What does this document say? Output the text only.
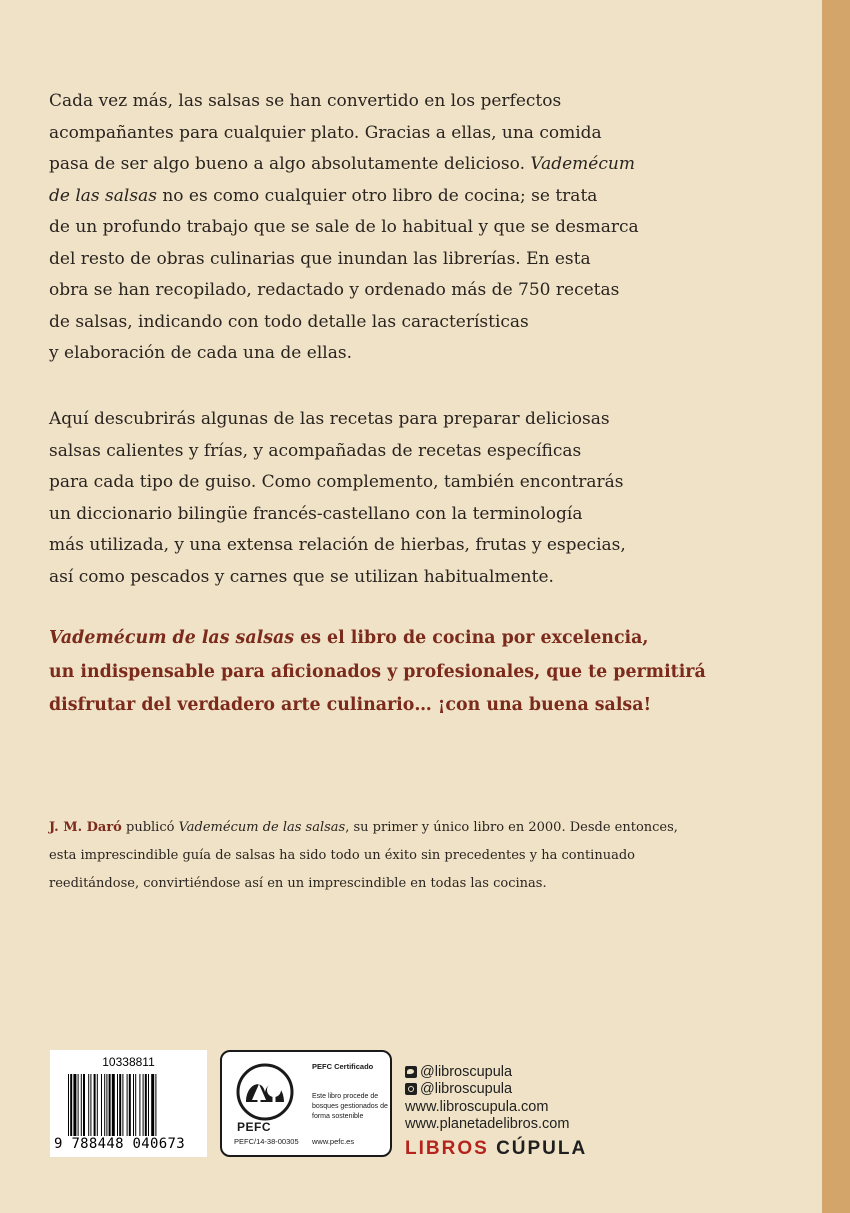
Cada vez más, las salsas se han convertido en los perfectos
acompañantes para cualquier plato. Gracias a ellas, una comida
pasa de ser algo bueno a algo absolutamente delicioso. Vademécum
de las salsas no es como cualquier otro libro de cocina; se trata
de un profundo trabajo que se sale de lo habitual y que se desmarca
del resto de obras culinarias que inundan las librerías. En esta
obra se han recopilado, redactado y ordenado más de 750 recetas
de salsas, indicando con todo detalle las características
y elaboración de cada una de ellas.

Aquí descubrirás algunas de las recetas para preparar deliciosas
salsas calientes y frías, y acompañadas de recetas específicas
para cada tipo de guiso. Como complemento, también encontrarás
un diccionario bilingüe francés-castellano con la terminología
más utilizada, y una extensa relación de hierbas, frutas y especias,
así como pescados y carnes que se utilizan habitualmente.

Vademécum de las salsas es el libro de cocina por excelencia,
un indispensable para aficionados y profesionales, que te permitirá
disfrutar del verdadero arte culinario… ¡con una buena salsa!

J. M. Daró publicó Vademécum de las salsas, su primer y único libro en 2000. Desde entonces,
esta imprescindible guía de salsas ha sido todo un éxito sin precedentes y ha continuado
reeditándose, convirtiéndose así en un imprescindible en todas las cocinas.

10338811
9 788448 040673
PEFC
PEFC/14-38-00305
PEFC Certificado
Este libro procede de bosques gestionados de forma sostenible
www.pefc.es
@libroscupula
@libroscupula
www.libroscupula.com
www.planetadelibros.com
LIBROS CÚPULA
